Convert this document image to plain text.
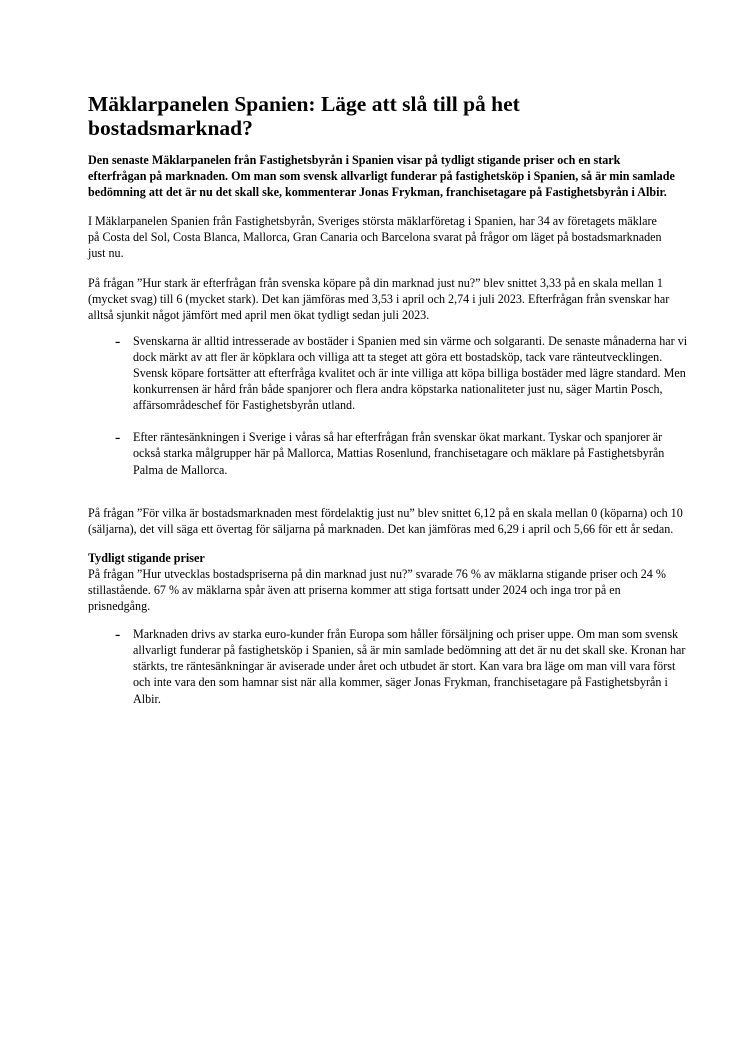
Mäklarpanelen Spanien: Läge att slå till på het bostadsmarknad?

Den senaste Mäklarpanelen från Fastighetsbyrån i Spanien visar på tydligt stigande priser och en stark efterfrågan på marknaden. Om man som svensk allvarligt funderar på fastighetsköp i Spanien, så är min samlade bedömning att det är nu det skall ske, kommenterar Jonas Frykman, franchisetagare på Fastighetsbyrån i Albir.

I Mäklarpanelen Spanien från Fastighetsbyrån, Sveriges största mäklarföretag i Spanien, har 34 av företagets mäklare på Costa del Sol, Costa Blanca, Mallorca, Gran Canaria och Barcelona svarat på frågor om läget på bostadsmarknaden just nu.

På frågan ”Hur stark är efterfrågan från svenska köpare på din marknad just nu?” blev snittet 3,33 på en skala mellan 1 (mycket svag) till 6 (mycket stark). Det kan jämföras med 3,53 i april och 2,74 i juli 2023. Efterfrågan från svenskar har alltså sjunkit något jämfört med april men ökat tydligt sedan juli 2023.

- Svenskarna är alltid intresserade av bostäder i Spanien med sin värme och solgaranti. De senaste månaderna har vi dock märkt av att fler är köpklara och villiga att ta steget att göra ett bostadsköp, tack vare ränteutvecklingen. Svensk köpare fortsätter att efterfråga kvalitet och är inte villiga att köpa billiga bostäder med lägre standard. Men konkurrensen är hård från både spanjorer och flera andra köpstarka nationaliteter just nu, säger Martin Posch, affärsområdeschef för Fastighetsbyrån utland.

- Efter räntesänkningen i Sverige i våras så har efterfrågan från svenskar ökat markant. Tyskar och spanjorer är också starka målgrupper här på Mallorca, Mattias Rosenlund, franchisetagare och mäklare på Fastighetsbyrån Palma de Mallorca.

På frågan ”För vilka är bostadsmarknaden mest fördelaktig just nu” blev snittet 6,12 på en skala mellan 0 (köparna) och 10 (säljarna), det vill säga ett övertag för säljarna på marknaden. Det kan jämföras med 6,29 i april och 5,66 för ett år sedan.

Tydligt stigande priser

På frågan ”Hur utvecklas bostadspriserna på din marknad just nu?” svarade 76 % av mäklarna stigande priser och 24 % stillastående. 67 % av mäklarna spår även att priserna kommer att stiga fortsatt under 2024 och inga tror på en prisnedgång.

- Marknaden drivs av starka euro-kunder från Europa som håller försäljning och priser uppe. Om man som svensk allvarligt funderar på fastighetsköp i Spanien, så är min samlade bedömning att det är nu det skall ske. Kronan har stärkts, tre räntesänkningar är aviserade under året och utbudet är stort. Kan vara bra läge om man vill vara först och inte vara den som hamnar sist när alla kommer, säger Jonas Frykman, franchisetagare på Fastighetsbyrån i Albir.
